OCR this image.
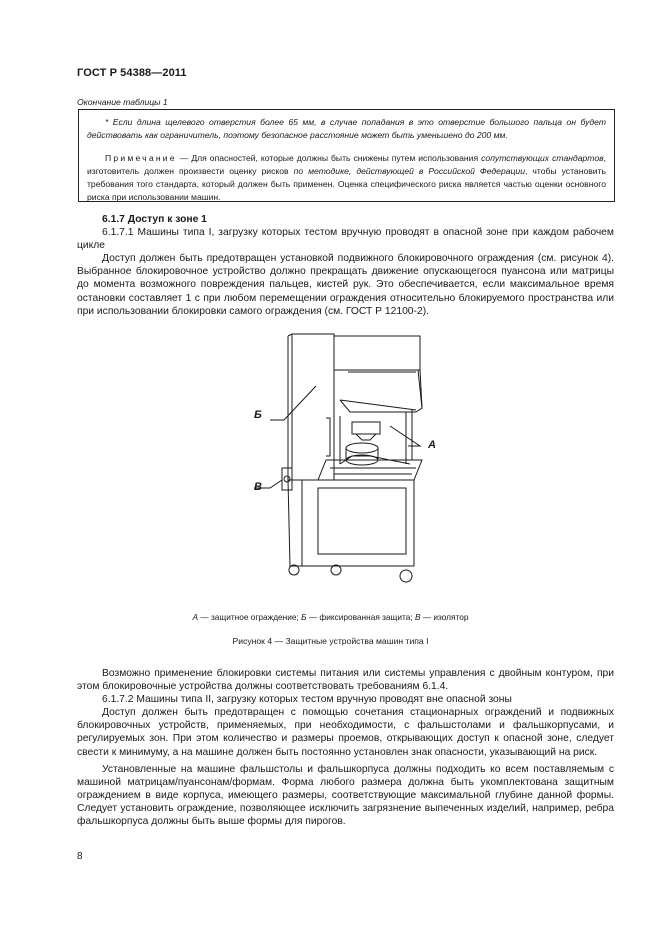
ГОСТ Р 54388—2011
Окончание таблицы 1
* Если длина щелевого отверстия более 65 мм, в случае попадания в это отверстие большого пальца он будет действовать как ограничитель, поэтому безопасное расстояние может быть уменьшено до 200 мм.
Примечание — Для опасностей, которые должны быть снижены путем использования сопутствующих стандартов, изготовитель должен произвести оценку рисков по методике, действующей в Российской Федерации, чтобы установить требования того стандарта, который должен быть применен. Оценка специфического риска является частью оценки основного риска при использовании машин.

6.1.7 Доступ к зоне 1

6.1.7.1 Машины типа I, загрузку которых тестом вручную проводят в опасной зоне при каждом рабочем цикле

Доступ должен быть предотвращен установкой подвижного блокировочного ограждения (см. рисунок 4). Выбранное блокировочное устройство должно прекращать движение опускающегося пуансона или матрицы до момента возможного повреждения пальцев, кистей рук. Это обеспечивается, если максимальное время остановки составляет 1 с при любом перемещении ограждения относительно блокируемого пространства или при использовании блокировки самого ограждения (см. ГОСТ Р 12100-2).

Б
А
В
А — защитное ограждение; Б — фиксированная защита; В — изолятор
Рисунок 4 — Защитные устройства машин типа I

Возможно применение блокировки системы питания или системы управления с двойным контуром, при этом блокировочные устройства должны соответствовать требованиям 6.1.4.

6.1.7.2 Машины типа II, загрузку которых тестом вручную проводят вне опасной зоны

Доступ должен быть предотвращен с помощью сочетания стационарных ограждений и подвижных блокировочных устройств, применяемых, при необходимости, с фальшстолами и фальшкорпусами, и регулируемых зон. При этом количество и размеры проемов, открывающих доступ к опасной зоне, следует свести к минимуму, а на машине должен быть постоянно установлен знак опасности, указывающий на риск.

Установленные на машине фальшстолы и фальшкорпуса должны подходить ко всем поставляемым с машиной матрицам/пуансонам/формам. Форма любого размера должна быть укомплектована защитным ограждением в виде корпуса, имеющего размеры, соответствующие максимальной глубине данной формы. Следует установить ограждение, позволяющее исключить загрязнение выпеченных изделий, например, ребра фальшкорпуса должны быть выше формы для пирогов.

8
